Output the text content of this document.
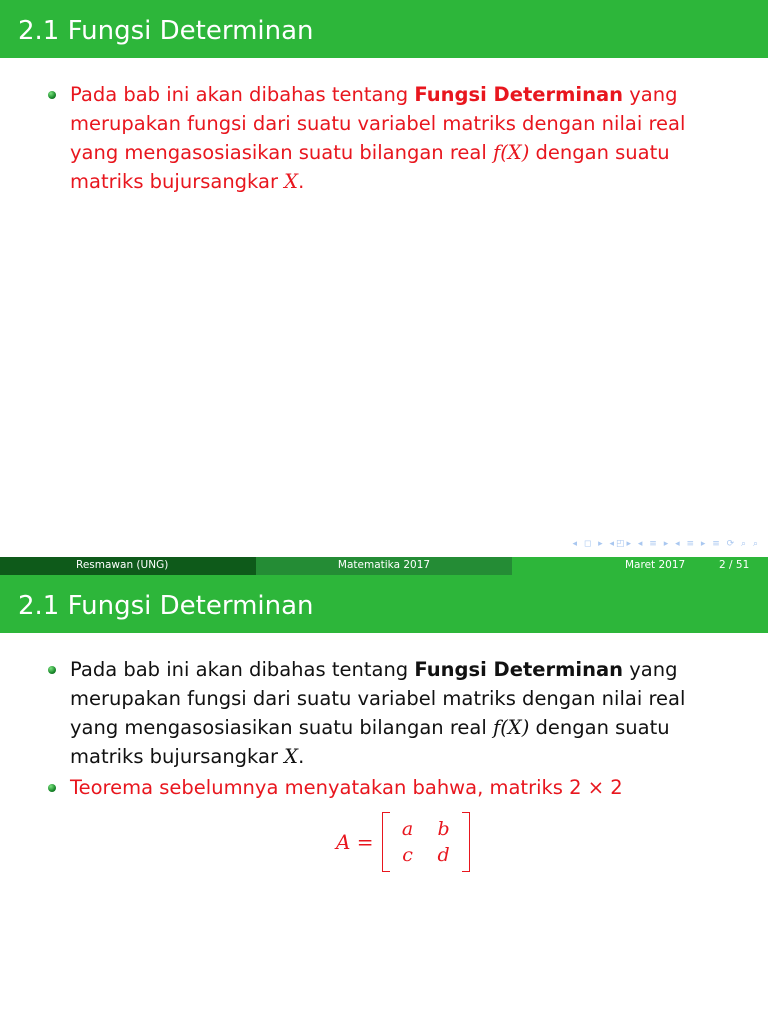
2.1 Fungsi Determinan
Pada bab ini akan dibahas tentang Fungsi Determinan yang merupakan fungsi dari suatu variabel matriks dengan nilai real yang mengasosiasikan suatu bilangan real f(X) dengan suatu matriks bujursangkar X.
◂ ◻ ▸ ◂◰▸ ◂ ≡ ▸ ◂ ≡ ▸ ≡ ⟳ ⌕ ⌕
Resmawan (UNG)	Matematika 2017	Maret 2017	2 / 51
2.1 Fungsi Determinan
Pada bab ini akan dibahas tentang Fungsi Determinan yang merupakan fungsi dari suatu variabel matriks dengan nilai real yang mengasosiasikan suatu bilangan real f(X) dengan suatu matriks bujursangkar X.
Teorema sebelumnya menyatakan bahwa, matriks 2 × 2
A =
a	b
c	d
